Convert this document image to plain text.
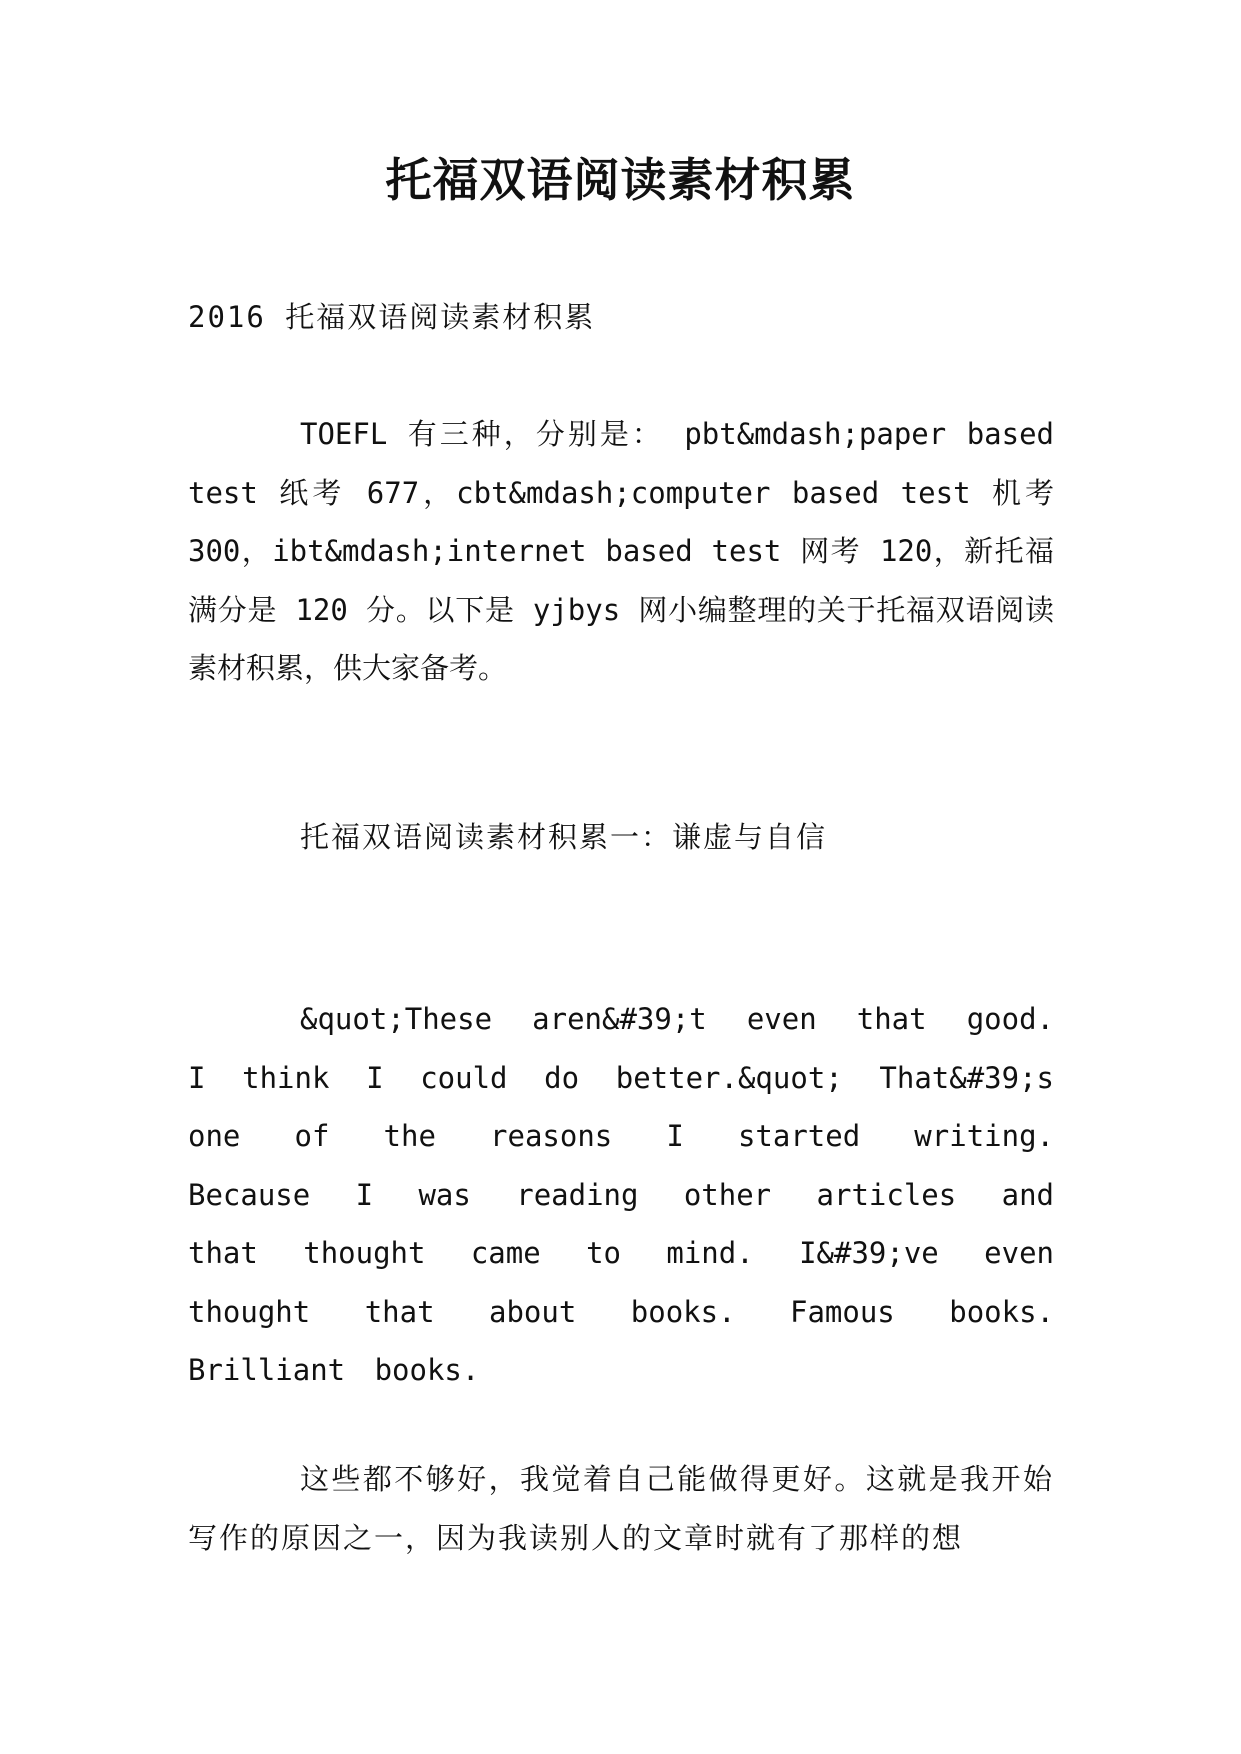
托福双语阅读素材积累
2016 托福双语阅读素材积累
TOEFL 有三种，分别是： pbt&mdash;paper based test 纸考 677，cbt&mdash;computer based test 机考 300，ibt&mdash;internet based test 网考 120，新托福满分是 120 分。以下是 yjbys 网小编整理的关于托福双语阅读素材积累，供大家备考。
托福双语阅读素材积累一：谦虚与自信
&quot;These aren&#39;t even that good. I think I could do better.&quot; That&#39;s one of the reasons I started writing. Because I was reading other articles and that thought came to mind. I&#39;ve even thought that about books. Famous books. Brilliant books.
这些都不够好，我觉着自己能做得更好。这就是我开始写作的原因之一，因为我读别人的文章时就有了那样的想
